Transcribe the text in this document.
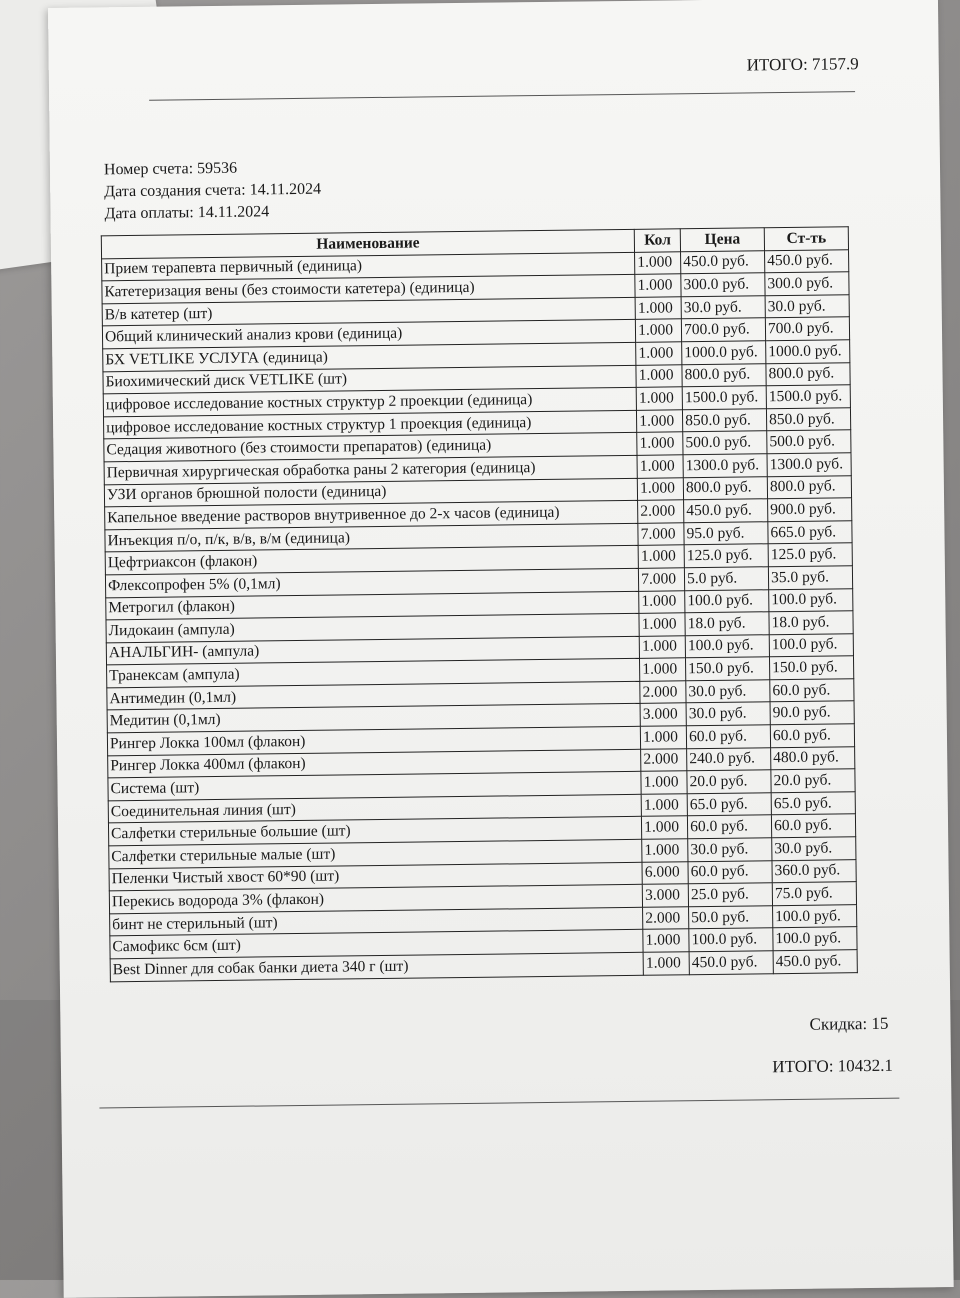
ИТОГО: 7157.9
Номер счета: 59536
Дата создания счета: 14.11.2024
Дата оплаты: 14.11.2024
Наименование	Кол	Цена	Ст-ть
Прием терапевта первичный (единица)	1.000	450.0 руб.	450.0 руб.
Катетеризация вены (без стоимости катетера) (единица)	1.000	300.0 руб.	300.0 руб.
В/в катетер (шт)	1.000	30.0 руб.	30.0 руб.
Общий клинический анализ крови (единица)	1.000	700.0 руб.	700.0 руб.
БХ VETLIKE УСЛУГА (единица)	1.000	1000.0 руб.	1000.0 руб.
Биохимический диск VETLIKE (шт)	1.000	800.0 руб.	800.0 руб.
цифровое исследование костных структур 2 проекции (единица)	1.000	1500.0 руб.	1500.0 руб.
цифровое исследование костных структур 1 проекция (единица)	1.000	850.0 руб.	850.0 руб.
Седация животного (без стоимости препаратов) (единица)	1.000	500.0 руб.	500.0 руб.
Первичная хирургическая обработка раны 2 категория (единица)	1.000	1300.0 руб.	1300.0 руб.
УЗИ органов брюшной полости (единица)	1.000	800.0 руб.	800.0 руб.
Капельное введение растворов внутривенное до 2-х часов (единица)	2.000	450.0 руб.	900.0 руб.
Инъекция п/о, п/к, в/в, в/м (единица)	7.000	95.0 руб.	665.0 руб.
Цефтриаксон (флакон)	1.000	125.0 руб.	125.0 руб.
Флексопрофен 5% (0,1мл)	7.000	5.0 руб.	35.0 руб.
Метрогил (флакон)	1.000	100.0 руб.	100.0 руб.
Лидокаин (ампула)	1.000	18.0 руб.	18.0 руб.
АНАЛЬГИН- (ампула)	1.000	100.0 руб.	100.0 руб.
Транексам (ампула)	1.000	150.0 руб.	150.0 руб.
Антимедин (0,1мл)	2.000	30.0 руб.	60.0 руб.
Медитин (0,1мл)	3.000	30.0 руб.	90.0 руб.
Рингер Локка 100мл (флакон)	1.000	60.0 руб.	60.0 руб.
Рингер Локка 400мл (флакон)	2.000	240.0 руб.	480.0 руб.
Система (шт)	1.000	20.0 руб.	20.0 руб.
Соединительная линия (шт)	1.000	65.0 руб.	65.0 руб.
Салфетки стерильные большие (шт)	1.000	60.0 руб.	60.0 руб.
Салфетки стерильные малые (шт)	1.000	30.0 руб.	30.0 руб.
Пеленки Чистый хвост 60*90 (шт)	6.000	60.0 руб.	360.0 руб.
Перекись водорода 3% (флакон)	3.000	25.0 руб.	75.0 руб.
бинт не стерильный (шт)	2.000	50.0 руб.	100.0 руб.
Самофикс 6см (шт)	1.000	100.0 руб.	100.0 руб.
Best Dinner для собак банки диета 340 г (шт)	1.000	450.0 руб.	450.0 руб.
Скидка: 15
ИТОГО: 10432.1
